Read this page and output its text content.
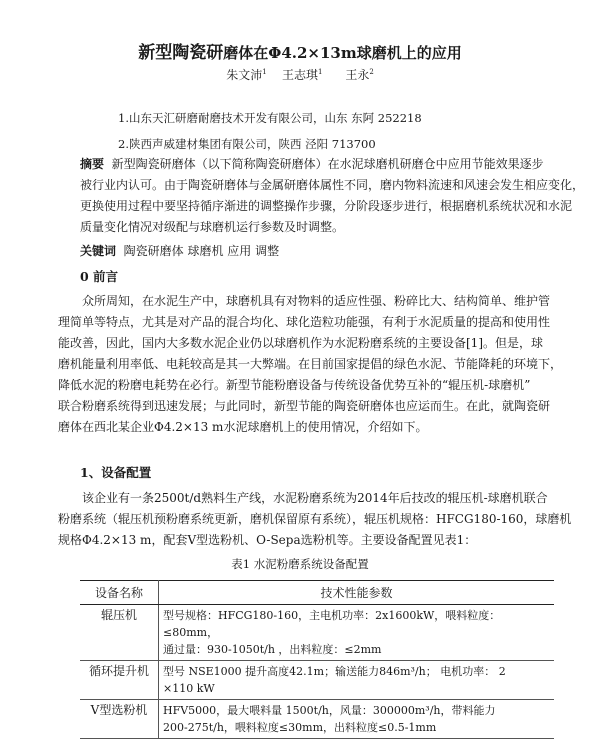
新型陶瓷研磨体在Φ4.2×13m球磨机上的应用
朱文沛$^1$ 王志琪$^1$ 王永$^2$
1.山东天汇研磨耐磨技术开发有限公司，山东 东阿 252218
2.陕西声威建材集团有限公司，陕西 泾阳 713700
摘要 新型陶瓷研磨体（以下简称陶瓷研磨体）在水泥球磨机研磨仓中应用节能效果逐步
被行业内认可。由于陶瓷研磨体与金属研磨体属性不同，磨内物料流速和风速会发生相应变化，
更换使用过程中要坚持循序渐进的调整操作步骤，分阶段逐步进行，根据磨机系统状况和水泥
质量变化情况对级配与球磨机运行参数及时调整。
关键词 陶瓷研磨体 球磨机 应用 调整
0 前言
众所周知，在水泥生产中，球磨机具有对物料的适应性强、粉碎比大、结构简单、维护管
理简单等特点，尤其是对产品的混合均化、球化造粒功能强，有利于水泥质量的提高和使用性
能改善，因此，国内大多数水泥企业仍以球磨机作为水泥粉磨系统的主要设备[1]。但是，球
磨机能量利用率低、电耗较高是其一大弊端。在目前国家提倡的绿色水泥、节能降耗的环境下，
降低水泥的粉磨电耗势在必行。新型节能粉磨设备与传统设备优势互补的“辊压机-球磨机”
联合粉磨系统得到迅速发展；与此同时，新型节能的陶瓷研磨体也应运而生。在此，就陶瓷研
磨体在西北某企业Φ4.2×13 m水泥球磨机上的使用情况，介绍如下。
1、设备配置
该企业有一条2500t/d熟料生产线，水泥粉磨系统为2014年后技改的辊压机-球磨机联合
粉磨系统（辊压机预粉磨系统更新，磨机保留原有系统），辊压机规格：HFCG180-160，球磨机
规格Φ4.2×13 m，配套V型选粉机、O-Sepa选粉机等。主要设备配置见表1：
表1 水泥粉磨系统设备配置
设备名称	技术性能参数
辊压机	型号规格：HFCG180-160，主电机功率：2x1600kW，喂料粒度：≤80mm，
通过量：930-1050t/h ，出料粒度：≤2mm

循环提升机	型号 NSE1000 提升高度42.1m；输送能力846m³/h； 电机功率： 2
×110 kW

V型选粉机	HFV5000，最大喂料量 1500t/h，风量：300000m³/h，带料能力
200-275t/h，喂料粒度≤30mm，出料粒度≤0.5-1mm
